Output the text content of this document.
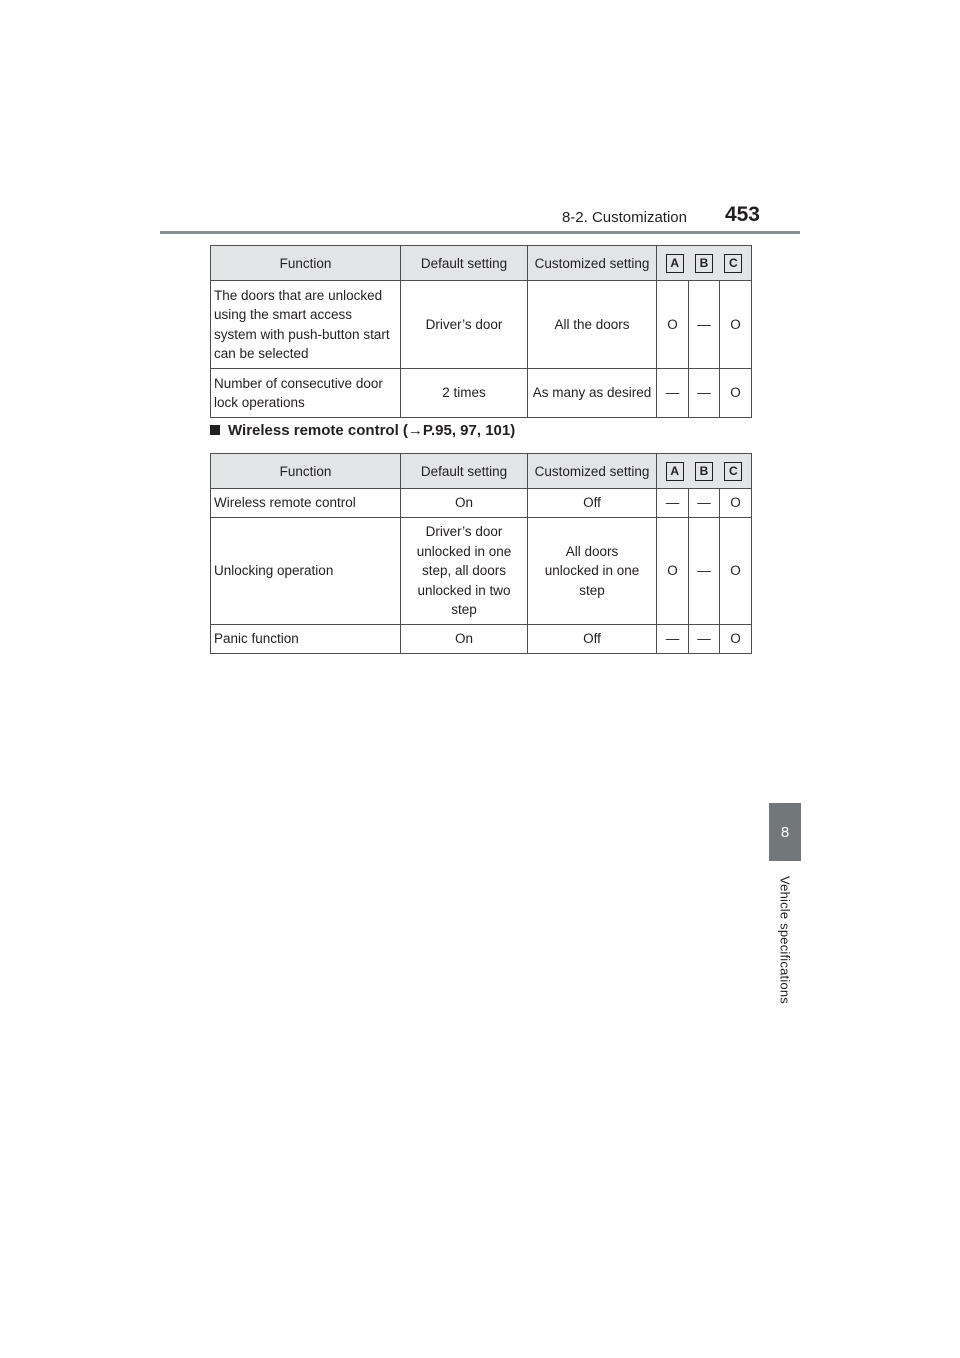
8-2. Customization 453
8
Vehicle specifications
Function	Default setting	Customized setting	A B C		

The doors that are unlocked using the smart access system with push-button start can be selected	Driver’s door	All the doors	O	—	O
Number of consecutive door lock operations	2 times	As many as desired	—	—	O
Wireless remote control (→P.95, 97, 101)
Function	Default setting	Customized setting	A B C		

Wireless remote control	On	Off	—	—	O
Unlocking operation	Driver’s door unlocked in one step, all doors unlocked in two step	All doors unlocked in one step	O	—	O
Panic function	On	Off	—	—	O
